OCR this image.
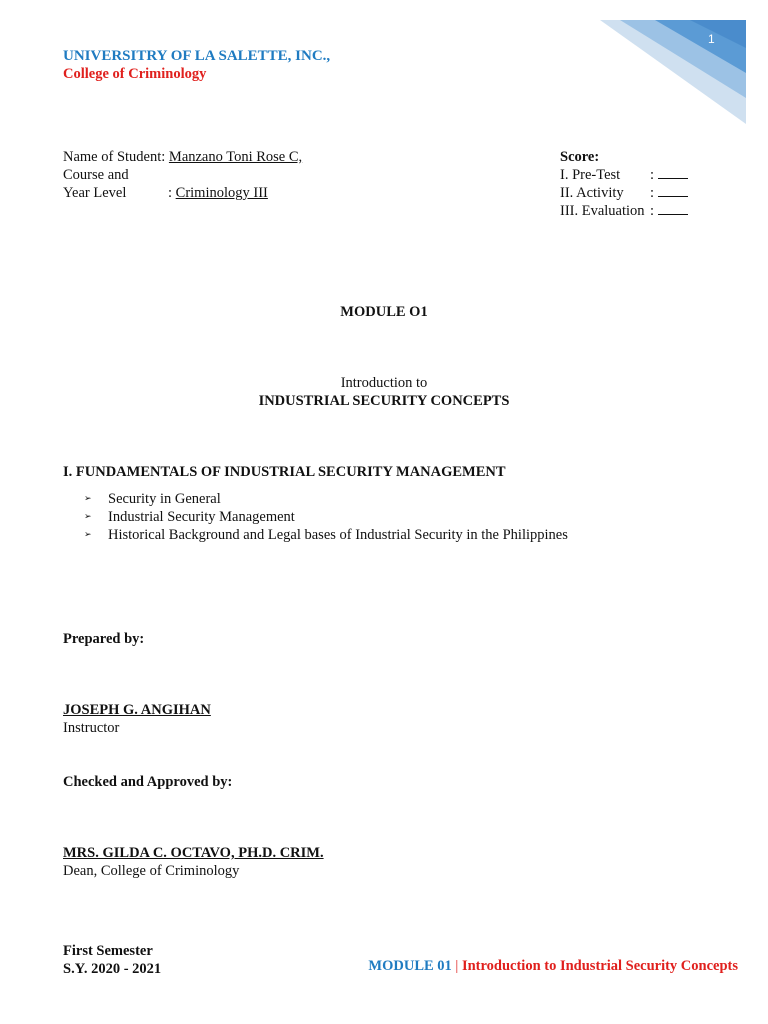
1
UNIVERSITRY OF LA SALETTE, INC.,
College of Criminology
Name of Student: Manzano Toni Rose C,
Course and
Year Level	: Criminology III
Score:
I. Pre-Test :
II. Activity :
III. Evaluation :
MODULE O1
Introduction to
INDUSTRIAL SECURITY CONCEPTS
I. FUNDAMENTALS OF INDUSTRIAL SECURITY MANAGEMENT
➢ Security in General
➢ Industrial Security Management
➢ Historical Background and Legal bases of Industrial Security in the Philippines
Prepared by:
JOSEPH G. ANGIHAN
Instructor
Checked and Approved by:
MRS. GILDA C. OCTAVO, PH.D. CRIM.
Dean, College of Criminology
First Semester
S.Y. 2020 - 2021	MODULE 01 | Introduction to Industrial Security Concepts
